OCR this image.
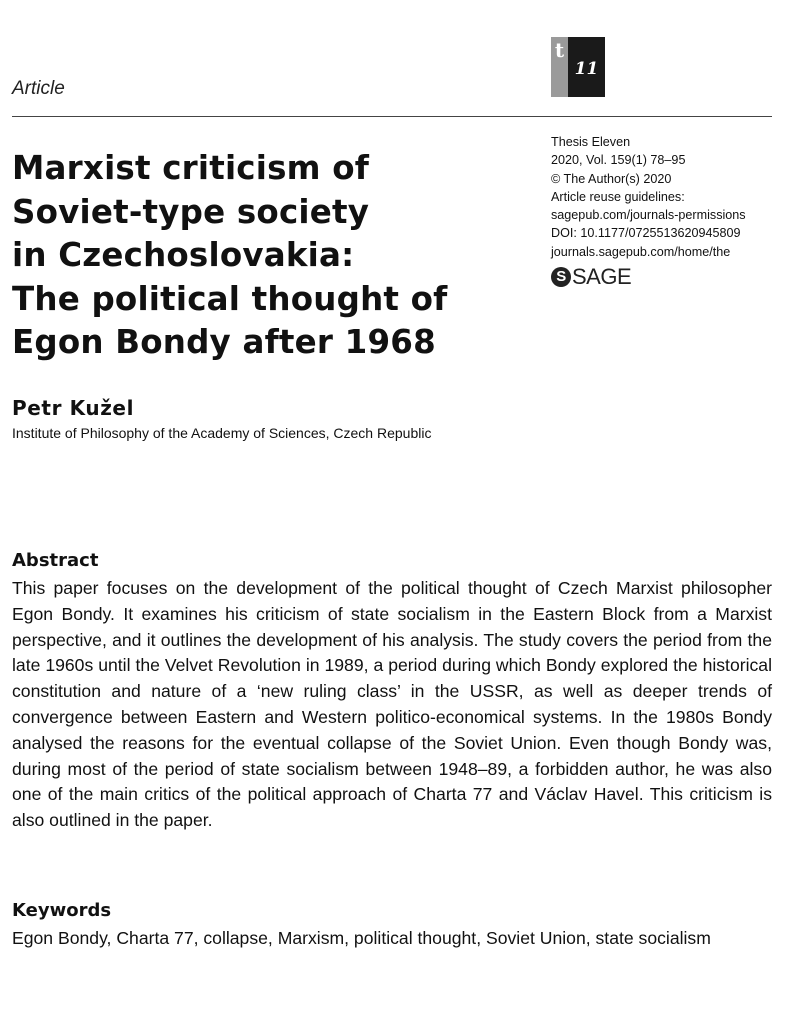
Article
t
11
Thesis Eleven
2020, Vol. 159(1) 78–95
© The Author(s) 2020
Article reuse guidelines:
sagepub.com/journals-permissions
DOI: 10.1177/0725513620945809
journals.sagepub.com/home/the
S SAGE
Marxist criticism of
Soviet-type society
in Czechoslovakia:
The political thought of
Egon Bondy after 1968
Petr Kužel
Institute of Philosophy of the Academy of Sciences, Czech Republic
Abstract
This paper focuses on the development of the political thought of Czech Marxist philosopher Egon Bondy. It examines his criticism of state socialism in the Eastern Block from a Marxist perspective, and it outlines the development of his analysis. The study covers the period from the late 1960s until the Velvet Revolution in 1989, a period during which Bondy explored the historical constitution and nature of a ‘new ruling class’ in the USSR, as well as deeper trends of convergence between Eastern and Western politico-economical systems. In the 1980s Bondy analysed the reasons for the eventual collapse of the Soviet Union. Even though Bondy was, during most of the period of state socialism between 1948–89, a forbidden author, he was also one of the main critics of the political approach of Charta 77 and Václav Havel. This criticism is also outlined in the paper.
Keywords
Egon Bondy, Charta 77, collapse, Marxism, political thought, Soviet Union, state socialism
